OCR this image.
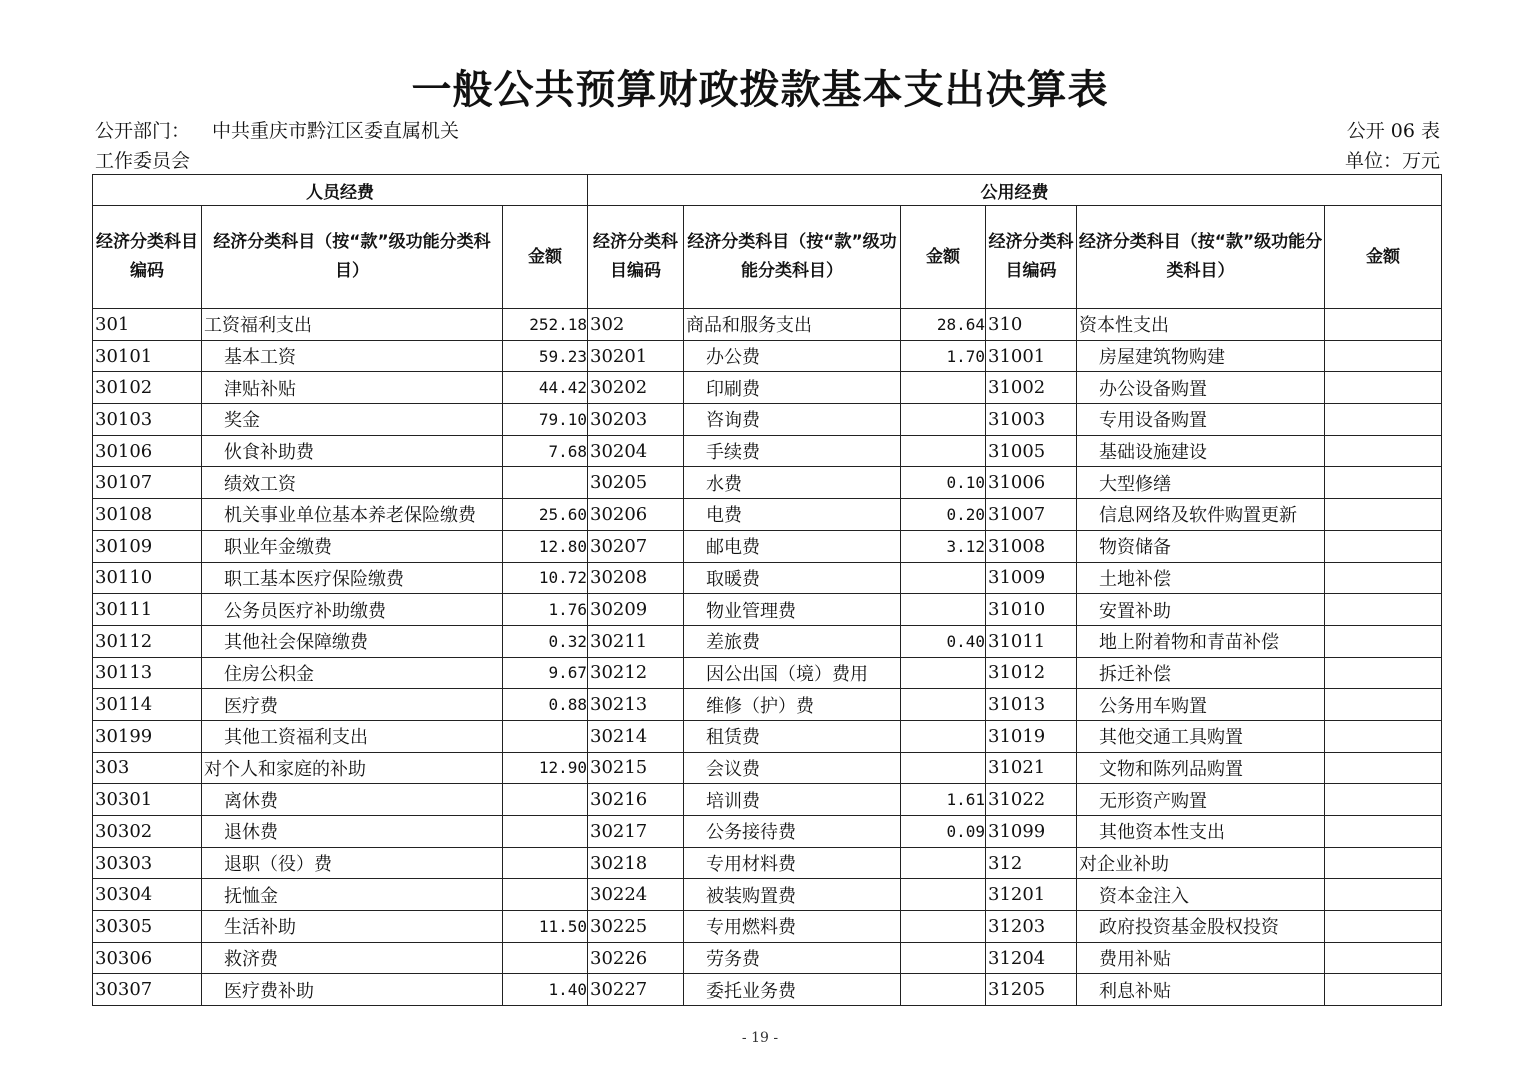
一般公共预算财政拨款基本支出决算表
公开部门： 中共重庆市黔江区委直属机关
工作委员会
公开 06 表
单位：万元
人员经费			公用经费					
经济分类科目编码	经济分类科目（按“款”级功能分类科目）	金额	经济分类科目编码	经济分类科目（按“款”级功能分类科目）	金额	经济分类科目编码	经济分类科目（按“款”级功能分类科目）	金额
301	工资福利支出	252.18	302	商品和服务支出	28.64	310	资本性支出	
30101	基本工资	59.23	30201	办公费	1.70	31001	房屋建筑物购建	
30102	津贴补贴	44.42	30202	印刷费		31002	办公设备购置	
30103	奖金	79.10	30203	咨询费		31003	专用设备购置	
30106	伙食补助费	7.68	30204	手续费		31005	基础设施建设	
30107	绩效工资		30205	水费	0.10	31006	大型修缮	
30108	机关事业单位基本养老保险缴费	25.60	30206	电费	0.20	31007	信息网络及软件购置更新	
30109	职业年金缴费	12.80	30207	邮电费	3.12	31008	物资储备	
30110	职工基本医疗保险缴费	10.72	30208	取暖费		31009	土地补偿	
30111	公务员医疗补助缴费	1.76	30209	物业管理费		31010	安置补助	
30112	其他社会保障缴费	0.32	30211	差旅费	0.40	31011	地上附着物和青苗补偿	
30113	住房公积金	9.67	30212	因公出国（境）费用		31012	拆迁补偿	
30114	医疗费	0.88	30213	维修（护）费		31013	公务用车购置	
30199	其他工资福利支出		30214	租赁费		31019	其他交通工具购置	
303	对个人和家庭的补助	12.90	30215	会议费		31021	文物和陈列品购置	
30301	离休费		30216	培训费	1.61	31022	无形资产购置	
30302	退休费		30217	公务接待费	0.09	31099	其他资本性支出	
30303	退职（役）费		30218	专用材料费		312	对企业补助	
30304	抚恤金		30224	被装购置费		31201	资本金注入	
30305	生活补助	11.50	30225	专用燃料费		31203	政府投资基金股权投资	
30306	救济费		30226	劳务费		31204	费用补贴	
30307	医疗费补助	1.40	30227	委托业务费		31205	利息补贴	
- 19 -
